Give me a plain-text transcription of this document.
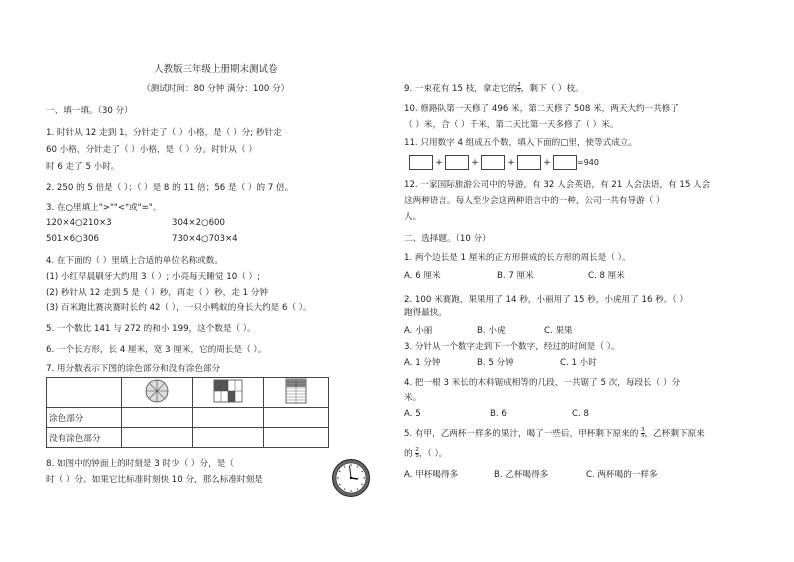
人教版三年级上册期末测试卷
（测试时间：80 分钟 满分：100 分）
一、填一填。（30 分）
1. 时针从 12 走到 1，分针走了（ ）小格，是（ ）分; 秒针走
60 小格，分针走了（ ）小格，是（ ）分。时针从（ ）
时 6 走了 5 小时。
2. 250 的 5 倍是（ ）；（ ）是 8 的 11 倍；56 是（ ）的 7 倍。
3. 在○里填上">""<"或"="。
120×4○210×3	304×2○600
501×6○306	730×4○703×4
4. 在下面的（ ）里填上合适的单位名称或数。
(1) 小红早晨刷牙大约用 3（ ）; 小亮每天睡觉 10（ ）;
(2) 秒针从 12 走到 5 是（ ）秒，再走（ ）秒，走 1 分钟
(3) 百米跑比赛决赛时长约 42（ ），一只小鸭蚁的身长大约是 6（ ）。
5. 一个数比 141 与 272 的和小 199，这个数是（ ）。
6. 一个长方形，长 4 厘米，宽 3 厘米，它的周长是（ ）。
7. 用分数表示下图的涂色部分和没有涂色部分

涂色部分			
没有涂色部分			
8. 如图中的钟面上的时刻是 3 时少（ ）分，是（
时（ ）分。如果它比标准时刻快 10 分，那么标准时刻是
9. 一束花有 15 枝，拿走它的 $\frac{2}{5}$ ，剩下（ ）枝。
10. 修路队第一天修了 496 米，第二天修了 508 米，两天大约一共修了
（ ）米，合（ ）千米，第二天比第一天多修了（ ）米。
11. 只用数字 4 组成五个数，填入下面的□里，使等式成立。
+	+	+	+	=940
12. 一家国际旅游公司中的导游，有 32 人会英语，有 21 人会法语，有 15 人会
这两种语言。每人至少会这两种语言中的一种，公司一共有导游（ ）
人。
二、选择题。（10 分）
1. 两个边长是 1 厘米的正方形拼成的长方形的周长是（ ）。
A. 6 厘米	B. 7 厘米	C. 8 厘米
2. 100 米赛跑，果果用了 14 秒，小丽用了 15 秒，小虎用了 16 秒。（ ）
跑得最快。
A. 小丽	B. 小虎	C. 果果
3. 分针从一个数字走到下一个数字，经过的时间是（ ）。
A. 1 分钟	B. 5 分钟	C. 1 小时
4. 把一根 3 米长的木料锯成相等的几段，一共锯了 5 次，每段长（ ）分
米。
A. 5	B. 6	C. 8
5. 有甲，乙两杯一样多的果汁，喝了一些后，甲杯剩下原来的 $\frac{3}{5}$ ，乙杯剩下原来
的 $\frac{2}{5}$ ，（ ）。
A. 甲杯喝得多	B. 乙杯喝得多	C. 两杯喝的一样多
